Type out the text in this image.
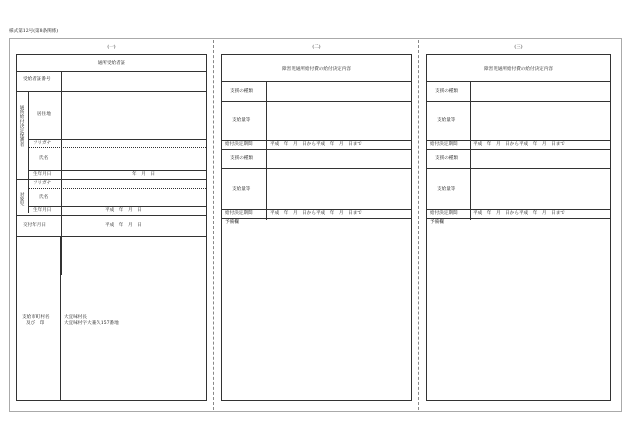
様式第12号(第8条関係)
(一)
通所受給者証
受給者証番号
通所給付決定保護者	居住地
フリガナ
氏名
生年月日	年　月　日
対象児
フリガナ
氏名
生年月日	平成　年　月　日
交付年月日	平成　年　月　日
支給市町村名
及び　印
大宜味村長
大宜味村字大兼久157番地
(二)
障害児通所給付費の給付決定内容
支援の種類
支給量等
給付決定期間	平成　年　月　日から平成　年　月　日まで
支援の種類
支給量等
給付決定期間	平成　年　月　日から平成　年　月　日まで
予備欄
(三)
障害児通所給付費の給付決定内容
支援の種類
支給量等
給付決定期間	平成　年　月　日から平成　年　月　日まで
支援の種類
支給量等
給付決定期間	平成　年　月　日から平成　年　月　日まで
予備欄
